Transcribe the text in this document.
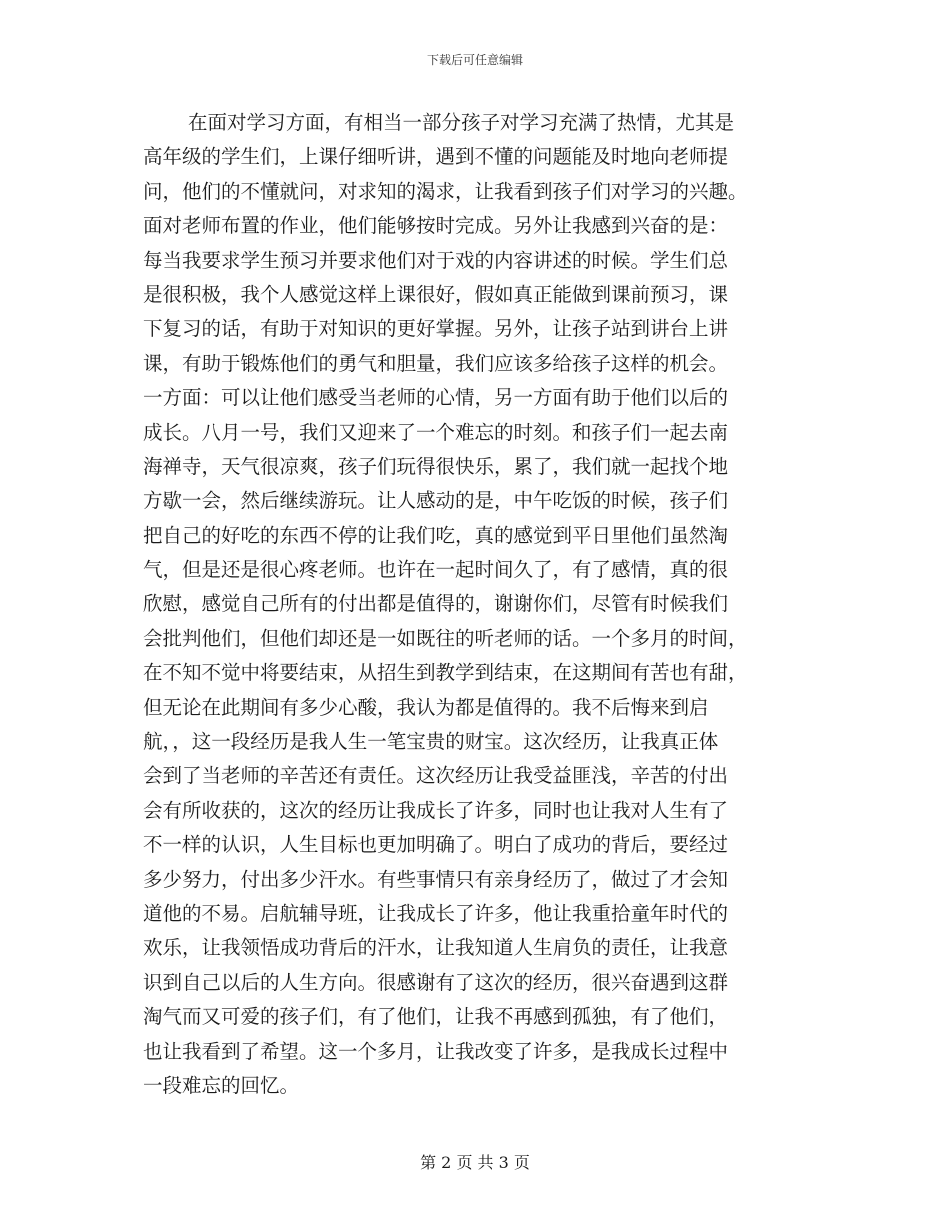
下载后可任意编辑
在面对学习方面，有相当一部分孩子对学习充满了热情，尤其是
高年级的学生们，上课仔细听讲，遇到不懂的问题能及时地向老师提
问，他们的不懂就问，对求知的渴求，让我看到孩子们对学习的兴趣。
面对老师布置的作业，他们能够按时完成。另外让我感到兴奋的是：
每当我要求学生预习并要求他们对于戏的内容讲述的时候。学生们总
是很积极，我个人感觉这样上课很好，假如真正能做到课前预习，课
下复习的话，有助于对知识的更好掌握。另外，让孩子站到讲台上讲
课，有助于锻炼他们的勇气和胆量，我们应该多给孩子这样的机会。
一方面：可以让他们感受当老师的心情，另一方面有助于他们以后的
成长。八月一号，我们又迎来了一个难忘的时刻。和孩子们一起去南
海禅寺，天气很凉爽，孩子们玩得很快乐，累了，我们就一起找个地
方歇一会，然后继续游玩。让人感动的是，中午吃饭的时候，孩子们
把自己的好吃的东西不停的让我们吃，真的感觉到平日里他们虽然淘
气，但是还是很心疼老师。也许在一起时间久了，有了感情，真的很
欣慰，感觉自己所有的付出都是值得的，谢谢你们，尽管有时候我们
会批判他们，但他们却还是一如既往的听老师的话。一个多月的时间，
在不知不觉中将要结束，从招生到教学到结束，在这期间有苦也有甜，
但无论在此期间有多少心酸，我认为都是值得的。我不后悔来到启
航，，这一段经历是我人生一笔宝贵的财宝。这次经历，让我真正体
会到了当老师的辛苦还有责任。这次经历让我受益匪浅，辛苦的付出
会有所收获的，这次的经历让我成长了许多，同时也让我对人生有了
不一样的认识，人生目标也更加明确了。明白了成功的背后，要经过
多少努力，付出多少汗水。有些事情只有亲身经历了，做过了才会知
道他的不易。启航辅导班，让我成长了许多，他让我重拾童年时代的
欢乐，让我领悟成功背后的汗水，让我知道人生肩负的责任，让我意
识到自己以后的人生方向。很感谢有了这次的经历，很兴奋遇到这群
淘气而又可爱的孩子们，有了他们，让我不再感到孤独，有了他们，
也让我看到了希望。这一个多月，让我改变了许多，是我成长过程中
一段难忘的回忆。
第 2 页 共 3 页
